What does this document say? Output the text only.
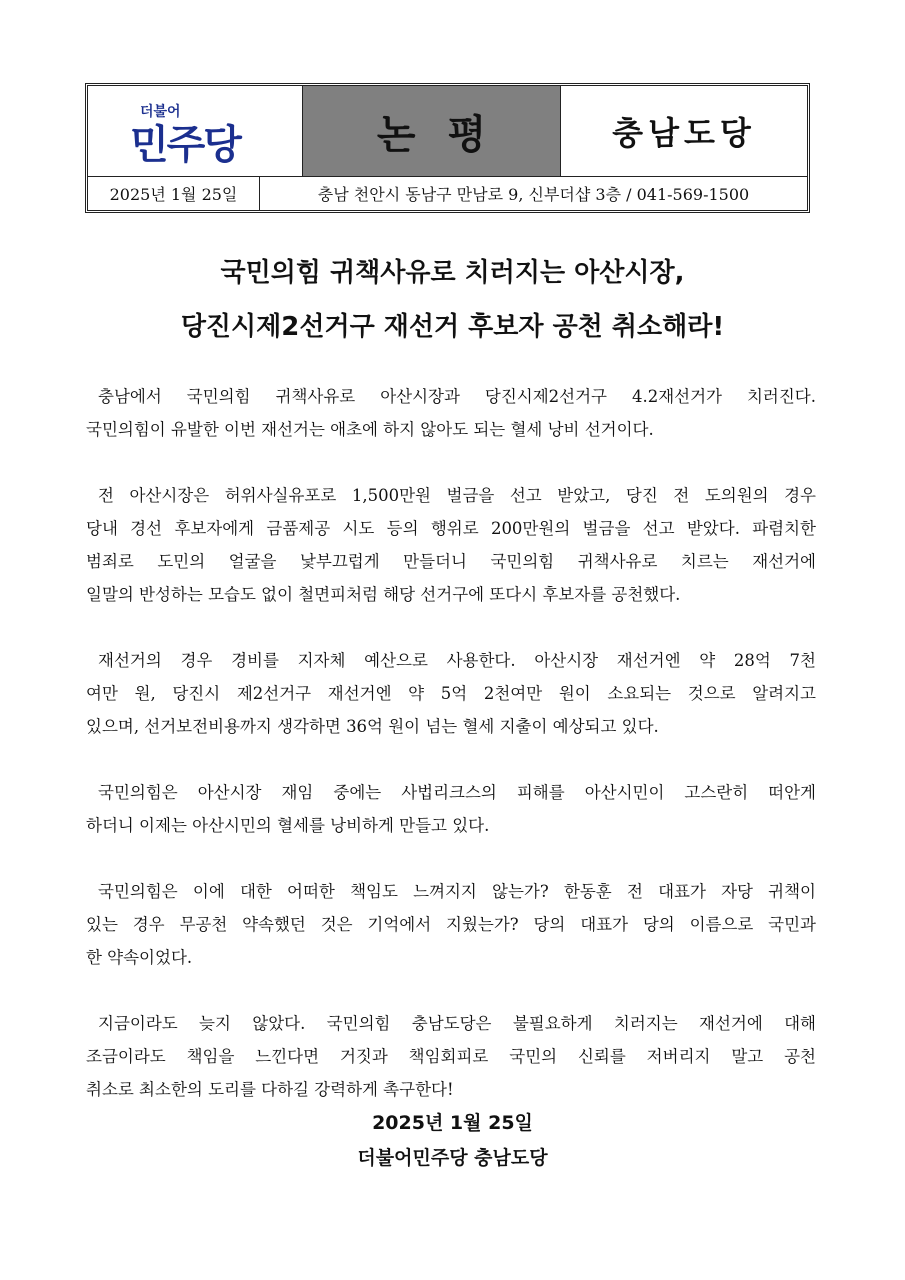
더불어
민주당	논평	충남도당
2025년 1월 25일	충남 천안시 동남구 만남로 9, 신부더샵 3층 / 041-569-1500
국민의힘 귀책사유로 치러지는 아산시장,
당진시제2선거구 재선거 후보자 공천 취소해라!
충남에서 국민의힘 귀책사유로 아산시장과 당진시제2선거구 4.2재선거가 치러진다.
국민의힘이 유발한 이번 재선거는 애초에 하지 않아도 되는 혈세 낭비 선거이다.
전 아산시장은 허위사실유포로 1,500만원 벌금을 선고 받았고, 당진 전 도의원의 경우
당내 경선 후보자에게 금품제공 시도 등의 행위로 200만원의 벌금을 선고 받았다. 파렴치한
범죄로 도민의 얼굴을 낯부끄럽게 만들더니 국민의힘 귀책사유로 치르는 재선거에
일말의 반성하는 모습도 없이 철면피처럼 해당 선거구에 또다시 후보자를 공천했다.
재선거의 경우 경비를 지자체 예산으로 사용한다. 아산시장 재선거엔 약 28억 7천
여만 원, 당진시 제2선거구 재선거엔 약 5억 2천여만 원이 소요되는 것으로 알려지고
있으며, 선거보전비용까지 생각하면 36억 원이 넘는 혈세 지출이 예상되고 있다.
국민의힘은 아산시장 재임 중에는 사법리크스의 피해를 아산시민이 고스란히 떠안게
하더니 이제는 아산시민의 혈세를 낭비하게 만들고 있다.
국민의힘은 이에 대한 어떠한 책임도 느껴지지 않는가? 한동훈 전 대표가 자당 귀책이
있는 경우 무공천 약속했던 것은 기억에서 지웠는가? 당의 대표가 당의 이름으로 국민과
한 약속이었다.
지금이라도 늦지 않았다. 국민의힘 충남도당은 불필요하게 치러지는 재선거에 대해
조금이라도 책임을 느낀다면 거짓과 책임회피로 국민의 신뢰를 저버리지 말고 공천
취소로 최소한의 도리를 다하길 강력하게 촉구한다!
2025년 1월 25일
더불어민주당 충남도당
